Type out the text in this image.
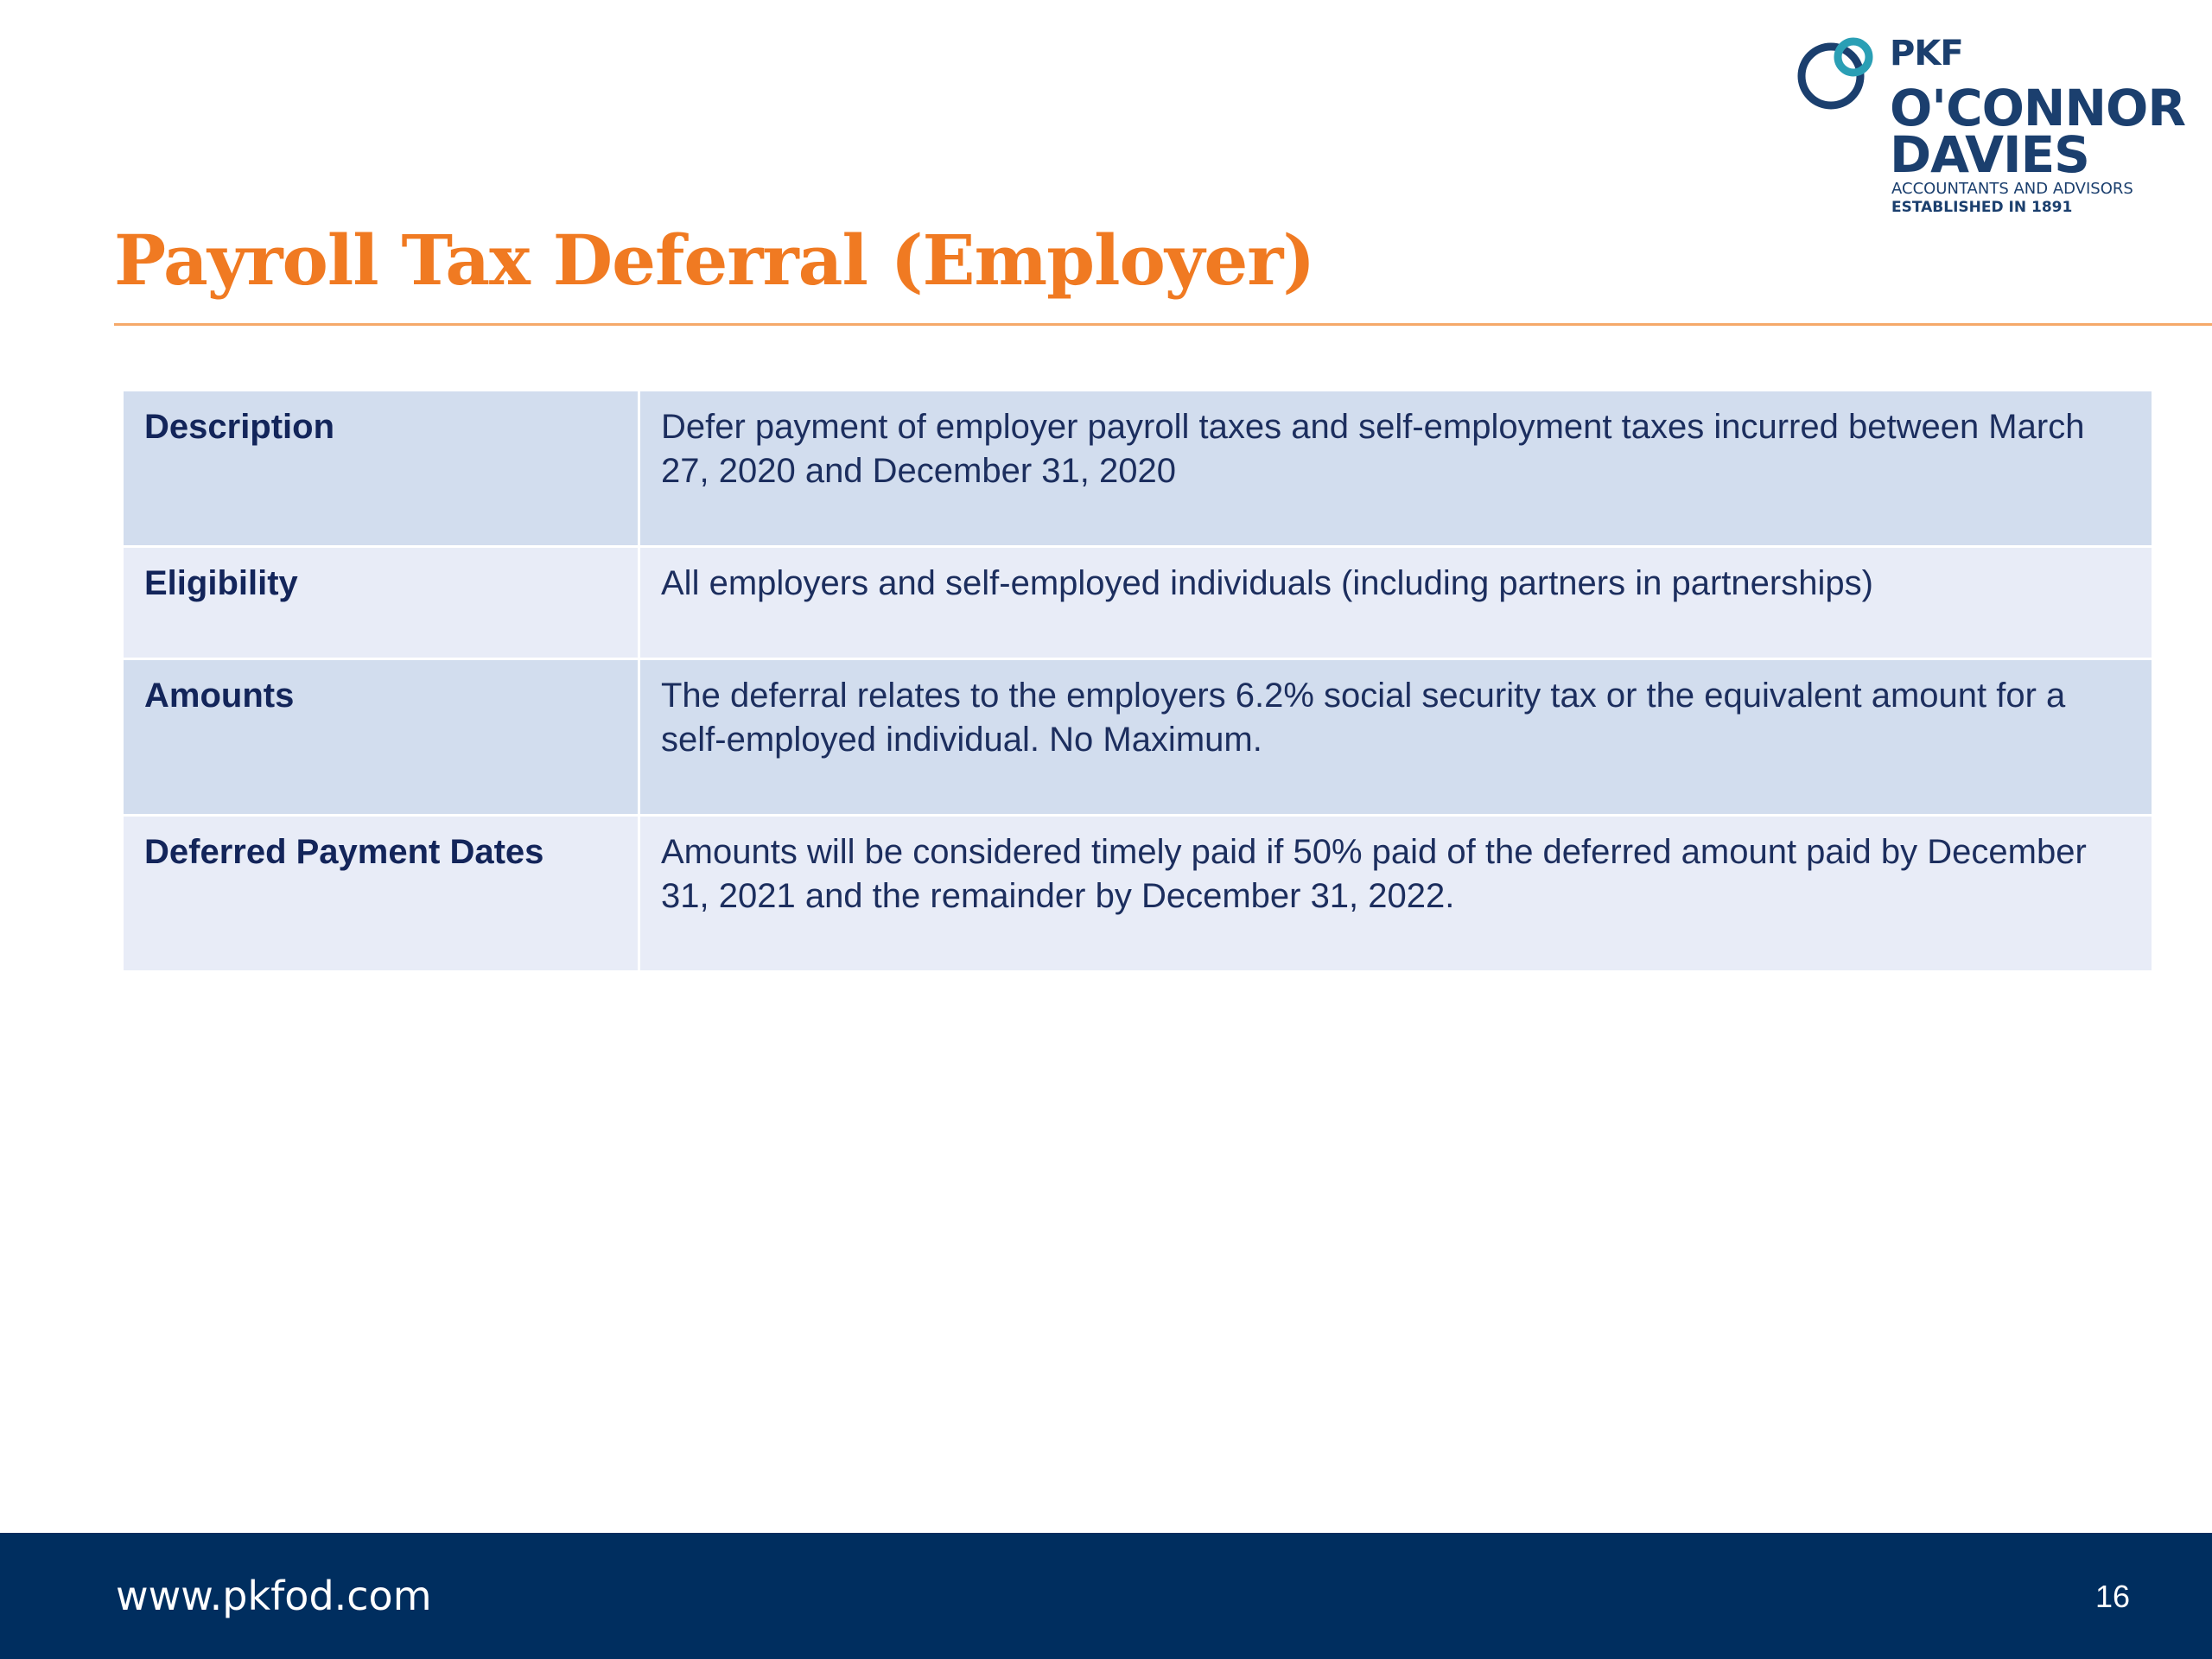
PKF
O'CONNOR
DAVIES
ACCOUNTANTS AND ADVISORS
ESTABLISHED IN 1891
Payroll Tax Deferral (Employer)
Description	Defer payment of employer payroll taxes and self-employment taxes incurred between March 27, 2020 and December 31, 2020
Eligibility	All employers and self-employed individuals (including partners in partnerships)
Amounts	The deferral relates to the employers 6.2% social security tax or the equivalent amount for a self-employed individual. No Maximum.
Deferred Payment Dates	Amounts will be considered timely paid if 50% paid of the deferred amount paid by December 31, 2021 and the remainder by December 31, 2022.
www.pkfod.com	16
